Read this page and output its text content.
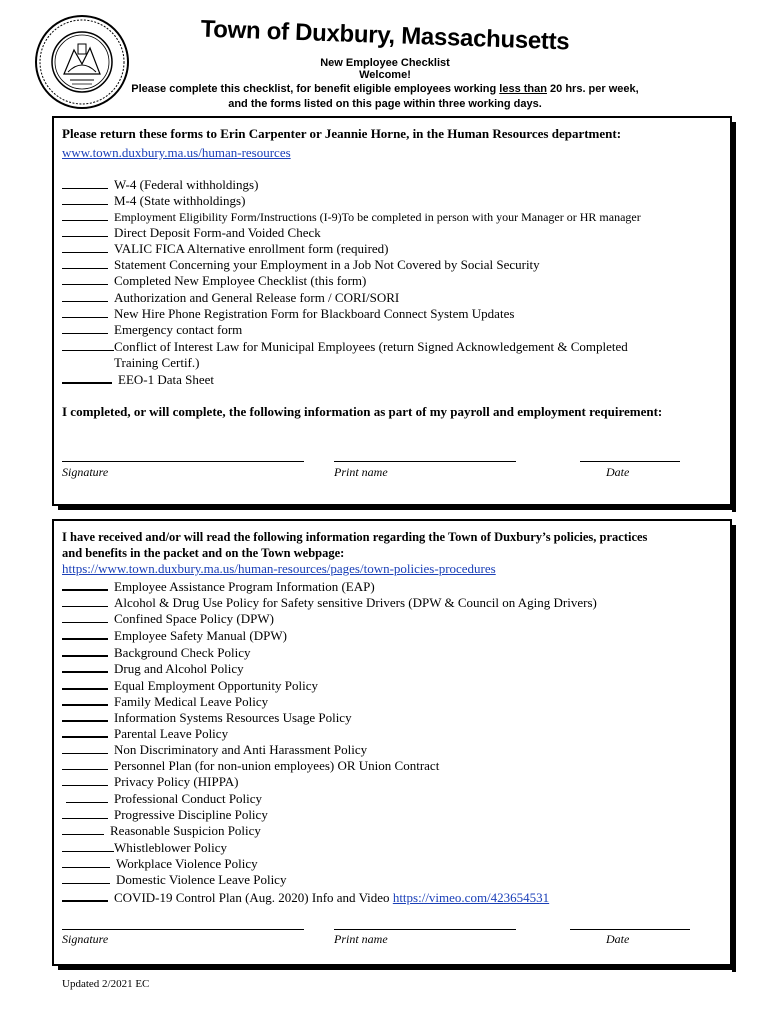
Town of Duxbury, Massachusetts
New Employee Checklist
Welcome!
Please complete this checklist, for benefit eligible employees working less than 20 hrs. per week,
and the forms listed on this page within three working days.
Please return these forms to Erin Carpenter or Jeannie Horne, in the Human Resources department:
www.town.duxbury.ma.us/human-resources
W-4 (Federal withholdings)
M-4 (State withholdings)
Employment Eligibility Form/Instructions (I-9)To be completed in person with your Manager or HR manager
Direct Deposit Form-and Voided Check
VALIC FICA Alternative enrollment form (required)
Statement Concerning your Employment in a Job Not Covered by Social Security
Completed New Employee Checklist (this form)
Authorization and General Release form / CORI/SORI
New Hire Phone Registration Form for Blackboard Connect System Updates
Emergency contact form
Conflict of Interest Law for Municipal Employees (return Signed Acknowledgement & Completed
Training Certif.)
EEO-1 Data Sheet
I completed, or will complete, the following information as part of my payroll and employment requirement:
Signature	Print name	Date
I have received and/or will read the following information regarding the Town of Duxbury’s policies, practices
and benefits in the packet and on the Town webpage:
https://www.town.duxbury.ma.us/human-resources/pages/town-policies-procedures
Employee Assistance Program Information (EAP)
Alcohol & Drug Use Policy for Safety sensitive Drivers (DPW & Council on Aging Drivers)
Confined Space Policy (DPW)
Employee Safety Manual (DPW)
Background Check Policy
Drug and Alcohol Policy
Equal Employment Opportunity Policy
Family Medical Leave Policy
Information Systems Resources Usage Policy
Parental Leave Policy
Non Discriminatory and Anti Harassment Policy
Personnel Plan (for non-union employees) OR Union Contract
Privacy Policy (HIPPA)
Professional Conduct Policy
Progressive Discipline Policy
Reasonable Suspicion Policy
Whistleblower Policy
Workplace Violence Policy
Domestic Violence Leave Policy
COVID-19 Control Plan (Aug. 2020) Info and Video https://vimeo.com/423654531
Signature	Print name	Date
Updated 2/2021 EC
